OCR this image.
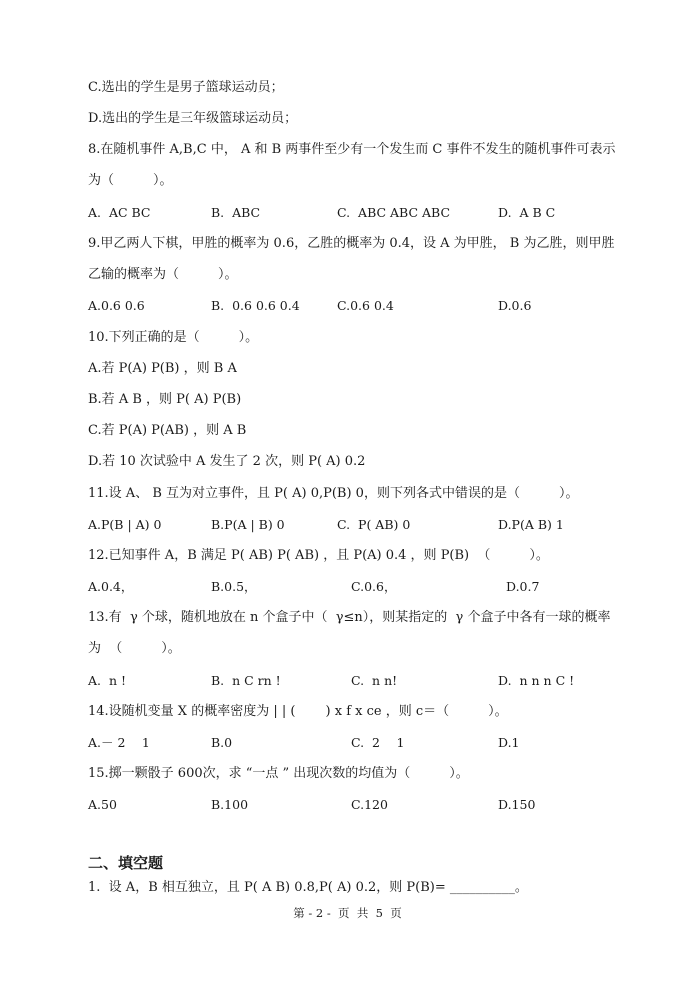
C.选出的学生是男子篮球运动员；
D.选出的学生是三年级篮球运动员；
8.在随机事件 A,B,C 中， A 和 B 两事件至少有一个发生而 C 事件不发生的随机事件可表示
为（　　　）。
A.  AC BC	B.  ABC	C.  ABC ABC ABC	D.  A B C
9.甲乙两人下棋，甲胜的概率为 0.6，乙胜的概率为 0.4，设 A 为甲胜， B 为乙胜，则甲胜
乙输的概率为（　　　）。
A.0.6 0.6	B.  0.6 0.6 0.4	C.0.6 0.4	D.0.6
10.下列正确的是（　　　）。
A.若 P(A) P(B) ，则 B A
B.若 A B ，则 P( A) P(B)
C.若 P(A) P(AB) ，则 A B
D.若 10 次试验中 A 发生了 2 次，则 P( A) 0.2
11.设 A、 B 互为对立事件，且 P( A) 0,P(B) 0，则下列各式中错误的是（　　　）。
A.P(B | A) 0	B.P(A | B) 0	C.  P( AB) 0	D.P(A B) 1
12.已知事件 A，B 满足 P( AB) P( AB) ，且 P(A) 0.4 ，则 P(B)  （　　　）。
A.0.4，	B.0.5，	C.0.6，	D.0.7
13.有  γ 个球，随机地放在 n 个盒子中（  γ≤n），则某指定的  γ 个盒子中各有一球的概率
为  （　　　）。
A.  n !	B.  n C rn !	C.  n n!	D.  n n n C !
14.设随机变量 X 的概率密度为 | | (　　 ) x f x ce ，则 c＝（　　　）。
A.－ 2　 1	B.0	C.  2　 1	D.1
15.掷一颗骰子 600次，求 “一点 ” 出现次数的均值为（　　　）。
A.50	B.100	C.120	D.150
二、填空题
1.  设 A，B 相互独立，且 P( A B) 0.8,P( A) 0.2，则 P(B)= __________。
第 - 2 -  页  共  5  页
